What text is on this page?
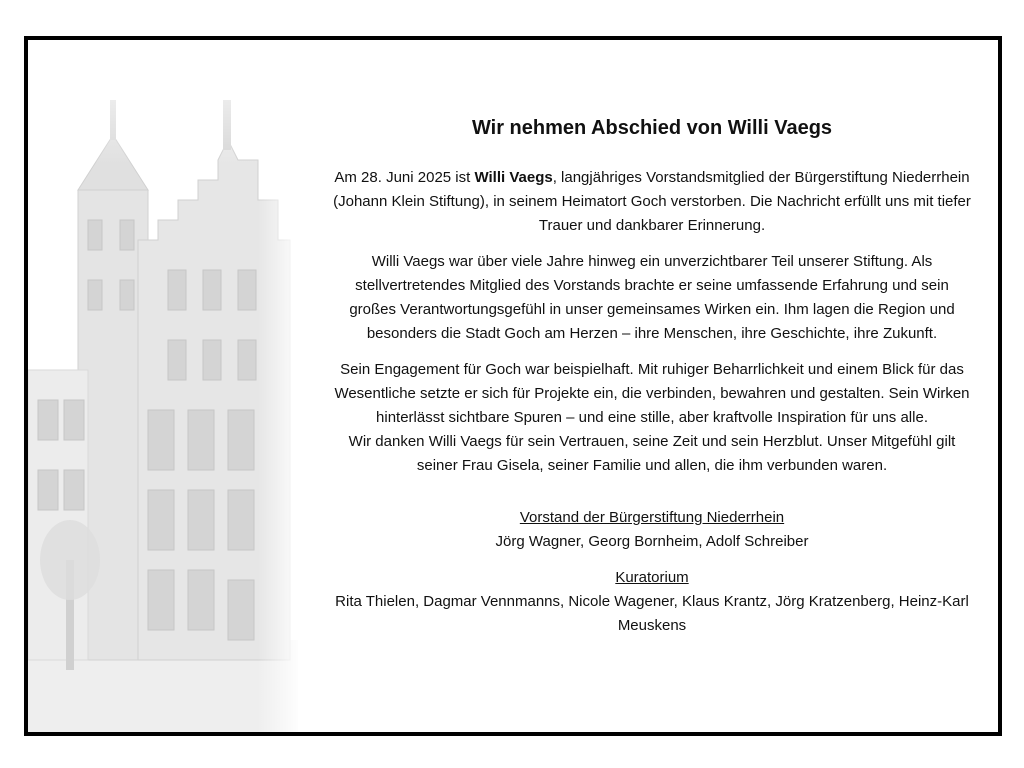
Wir nehmen Abschied von Willi Vaegs

Am 28. Juni 2025 ist Willi Vaegs, langjähriges Vorstandsmitglied der Bürgerstiftung Niederrhein (Johann Klein Stiftung), in seinem Heimatort Goch verstorben. Die Nachricht erfüllt uns mit tiefer Trauer und dankbarer Erinnerung.

Willi Vaegs war über viele Jahre hinweg ein unverzichtbarer Teil unserer Stiftung. Als stellvertretendes Mitglied des Vorstands brachte er seine umfassende Erfahrung und sein großes Verantwortungsgefühl in unser gemeinsames Wirken ein. Ihm lagen die Region und besonders die Stadt Goch am Herzen – ihre Menschen, ihre Geschichte, ihre Zukunft.

Sein Engagement für Goch war beispielhaft. Mit ruhiger Beharrlichkeit und einem Blick für das Wesentliche setzte er sich für Projekte ein, die verbinden, bewahren und gestalten. Sein Wirken hinterlässt sichtbare Spuren – und eine stille, aber kraftvolle Inspiration für uns alle.

Wir danken Willi Vaegs für sein Vertrauen, seine Zeit und sein Herzblut. Unser Mitgefühl gilt seiner Frau Gisela, seiner Familie und allen, die ihm verbunden waren.

Vorstand der Bürgerstiftung Niederrhein
Jörg Wagner, Georg Bornheim, Adolf Schreiber
Kuratorium
Rita Thielen, Dagmar Vennmanns, Nicole Wagener, Klaus Krantz, Jörg Kratzenberg, Heinz-Karl Meuskens
